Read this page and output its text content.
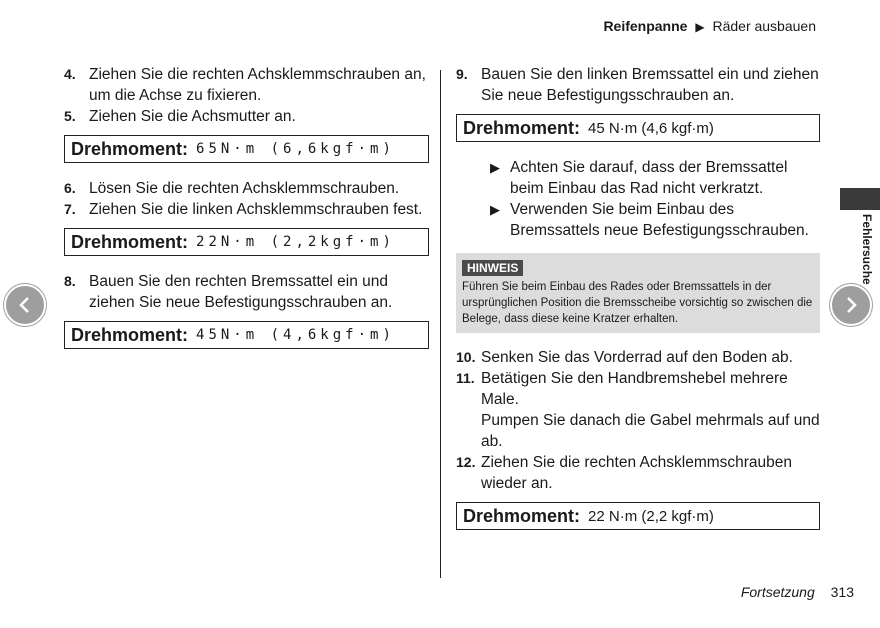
Reifenpanne ▶ Räder ausbauen

4. Ziehen Sie die rechten Achsklemmschrauben an, um die Achse zu fixieren.

5. Ziehen Sie die Achsmutter an.

Drehmoment: 65N·m (6,6kgf·m)

6. Lösen Sie die rechten Achsklemmschrauben.

7. Ziehen Sie die linken Achsklemmschrauben fest.

Drehmoment: 22N·m (2,2kgf·m)

8. Bauen Sie den rechten Bremssattel ein und ziehen Sie neue Befestigungsschrauben an.

Drehmoment: 45N·m (4,6kgf·m)

9. Bauen Sie den linken Bremssattel ein und ziehen Sie neue Befestigungsschrauben an.

Drehmoment: 45 N·m (4,6 kgf·m)

▶ Achten Sie darauf, dass der Bremssattel beim Einbau das Rad nicht verkratzt.

▶ Verwenden Sie beim Einbau des Bremssattels neue Befestigungsschrauben.

HINWEIS
Führen Sie beim Einbau des Rades oder Bremssattels in der ursprünglichen Position die Bremsscheibe vorsichtig so zwischen die Belege, dass diese keine Kratzer erhalten.

10. Senken Sie das Vorderrad auf den Boden ab.

11. Betätigen Sie den Handbremshebel mehrere Male.
Pumpen Sie danach die Gabel mehrmals auf und ab.

12. Ziehen Sie die rechten Achsklemmschrauben wieder an.

Drehmoment: 22 N·m (2,2 kgf·m)
Fehlersuche
Fortsetzung 313
